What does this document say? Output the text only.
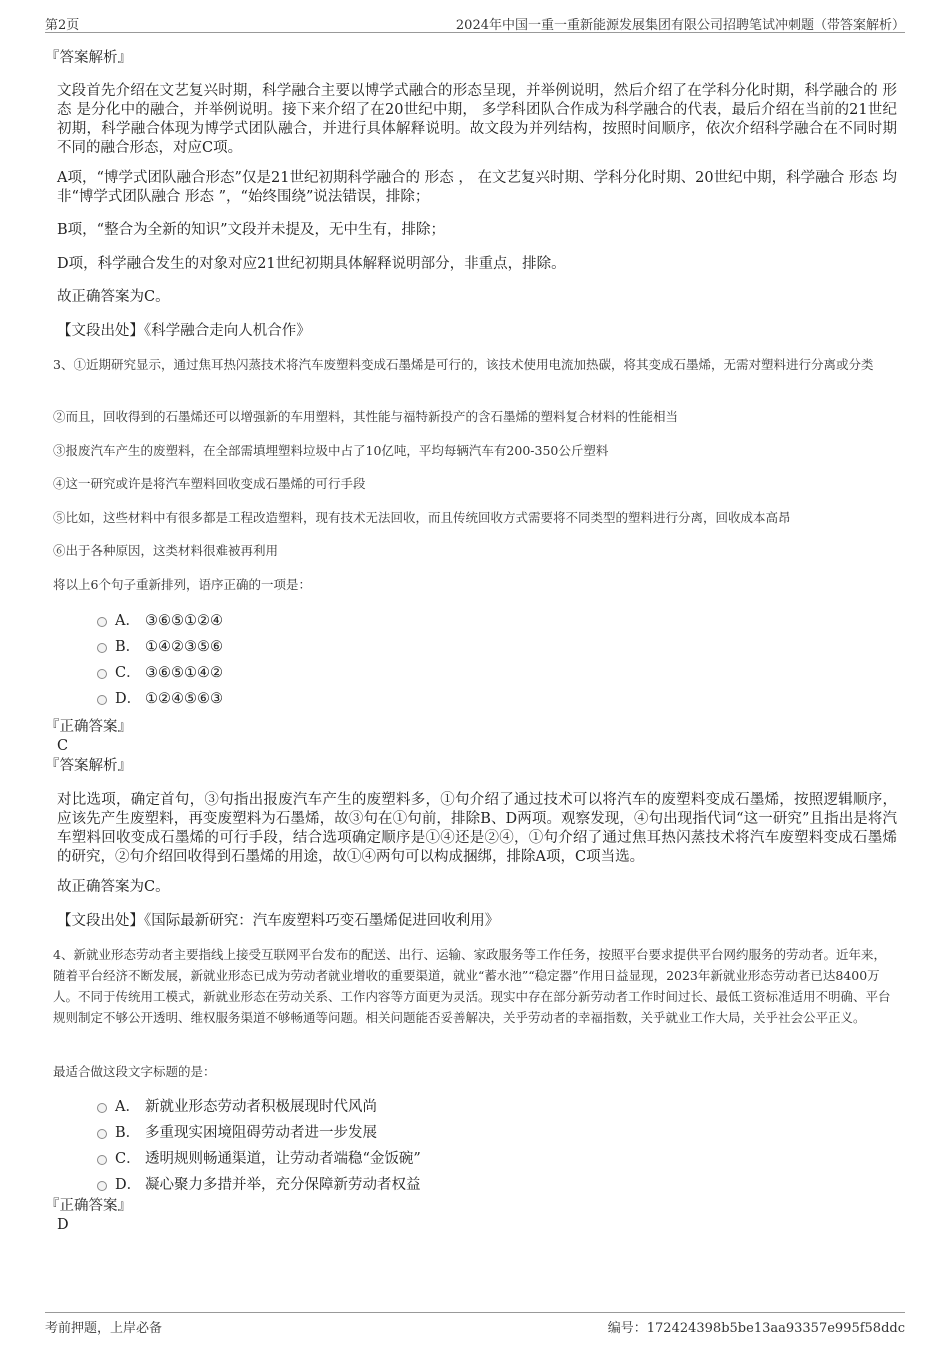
第2页	2024年中国一重一重新能源发展集团有限公司招聘笔试冲刺题（带答案解析）
『答案解析』
文段首先介绍在文艺复兴时期，科学融合主要以博学式融合的形态呈现，并举例说明，然后介绍了在学科分化时期，科学融合的 形态 是分化中的融合，并举例说明。接下来介绍了在20世纪中期， 多学科团队合作成为科学融合的代表，最后介绍在当前的21世纪初期，科学融合体现为博学式团队融合，并进行具体解释说明。故文段为并列结构，按照时间顺序，依次介绍科学融合在不同时期不同的融合形态，对应C项。
A项，“博学式团队融合形态”仅是21世纪初期科学融合的 形态 ， 在文艺复兴时期、学科分化时期、20世纪中期，科学融合 形态 均非“博学式团队融合 形态 ”，“始终围绕”说法错误，排除；
B项，“整合为全新的知识”文段并未提及，无中生有，排除；
D项，科学融合发生的对象对应21世纪初期具体解释说明部分，非重点，排除。
故正确答案为C。
【文段出处】《科学融合走向人机合作》
3、①近期研究显示，通过焦耳热闪蒸技术将汽车废塑料变成石墨烯是可行的，该技术使用电流加热碳，将其变成石墨烯，无需对塑料进行分离或分类
②而且，回收得到的石墨烯还可以增强新的车用塑料，其性能与福特新投产的含石墨烯的塑料复合材料的性能相当
③报废汽车产生的废塑料，在全部需填埋塑料垃圾中占了10亿吨，平均每辆汽车有200-350公斤塑料
④这一研究或许是将汽车塑料回收变成石墨烯的可行手段
⑤比如，这些材料中有很多都是工程改造塑料，现有技术无法回收，而且传统回收方式需要将不同类型的塑料进行分离，回收成本高昂
⑥出于各种原因，这类材料很难被再利用
将以上6个句子重新排列，语序正确的一项是：
A． ③⑥⑤①②④
B． ①④②③⑤⑥
C． ③⑥⑤①④②
D． ①②④⑤⑥③
『正确答案』
C
『答案解析』
对比选项，确定首句，③句指出报废汽车产生的废塑料多，①句介绍了通过技术可以将汽车的废塑料变成石墨烯，按照逻辑顺序，应该先产生废塑料，再变废塑料为石墨烯，故③句在①句前，排除B、D两项。观察发现，④句出现指代词“这一研究”且指出是将汽车塑料回收变成石墨烯的可行手段，结合选项确定顺序是①④还是②④，①句介绍了通过焦耳热闪蒸技术将汽车废塑料变成石墨烯的研究，②句介绍回收得到石墨烯的用途，故①④两句可以构成捆绑，排除A项，C项当选。
故正确答案为C。
【文段出处】《国际最新研究：汽车废塑料巧变石墨烯促进回收利用》
4、新就业形态劳动者主要指线上接受互联网平台发布的配送、出行、运输、家政服务等工作任务，按照平台要求提供平台网约服务的劳动者。近年来，随着平台经济不断发展，新就业形态已成为劳动者就业增收的重要渠道，就业“蓄水池”“稳定器”作用日益显现，2023年新就业形态劳动者已达8400万人。不同于传统用工模式，新就业形态在劳动关系、工作内容等方面更为灵活。现实中存在部分新劳动者工作时间过长、最低工资标准适用不明确、平台规则制定不够公开透明、维权服务渠道不够畅通等问题。相关问题能否妥善解决，关乎劳动者的幸福指数，关乎就业工作大局，关乎社会公平正义。
最适合做这段文字标题的是：
A． 新就业形态劳动者积极展现时代风尚
B． 多重现实困境阻碍劳动者进一步发展
C． 透明规则畅通渠道，让劳动者端稳“金饭碗”
D． 凝心聚力多措并举，充分保障新劳动者权益
『正确答案』
D
考前押题，上岸必备	编号：172424398b5be13aa93357e995f58ddc
